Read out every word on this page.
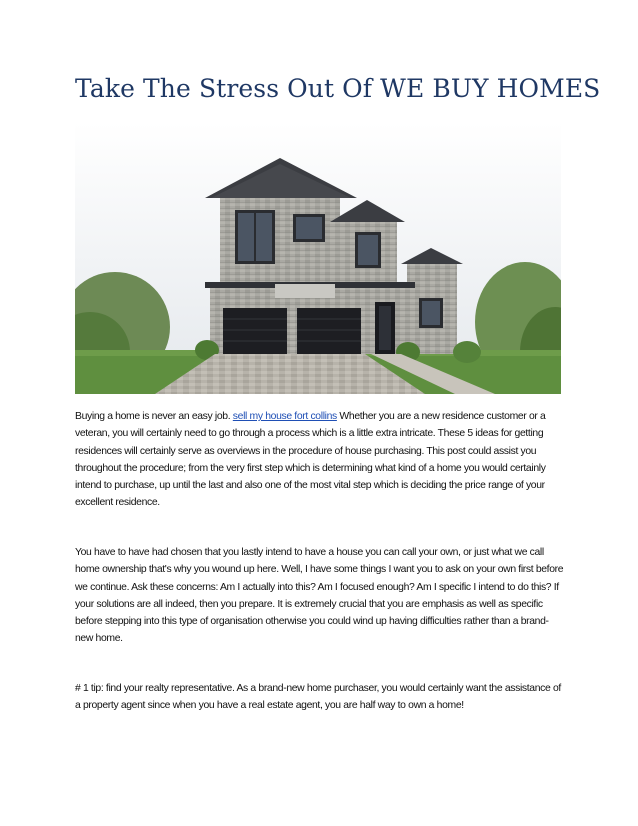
Take The Stress Out Of WE BUY HOMES

Buying a home is never an easy job. sell my house fort collins Whether you are a new residence customer or a veteran, you will certainly need to go through a process which is a little extra intricate. These 5 ideas for getting residences will certainly serve as overviews in the procedure of house purchasing. This post could assist you throughout the procedure; from the very first step which is determining what kind of a home you would certainly intend to purchase, up until the last and also one of the most vital step which is deciding the price range of your excellent residence.

You have to have had chosen that you lastly intend to have a house you can call your own, or just what we call home ownership that's why you wound up here. Well, I have some things I want you to ask on your own first before we continue. Ask these concerns: Am I actually into this? Am I focused enough? Am I specific I intend to do this? If your solutions are all indeed, then you prepare. It is extremely crucial that you are emphasis as well as specific before stepping into this type of organisation otherwise you could wind up having difficulties rather than a brand-new home.

# 1 tip: find your realty representative. As a brand-new home purchaser, you would certainly want the assistance of a property agent since when you have a real estate agent, you are half way to own a home!
